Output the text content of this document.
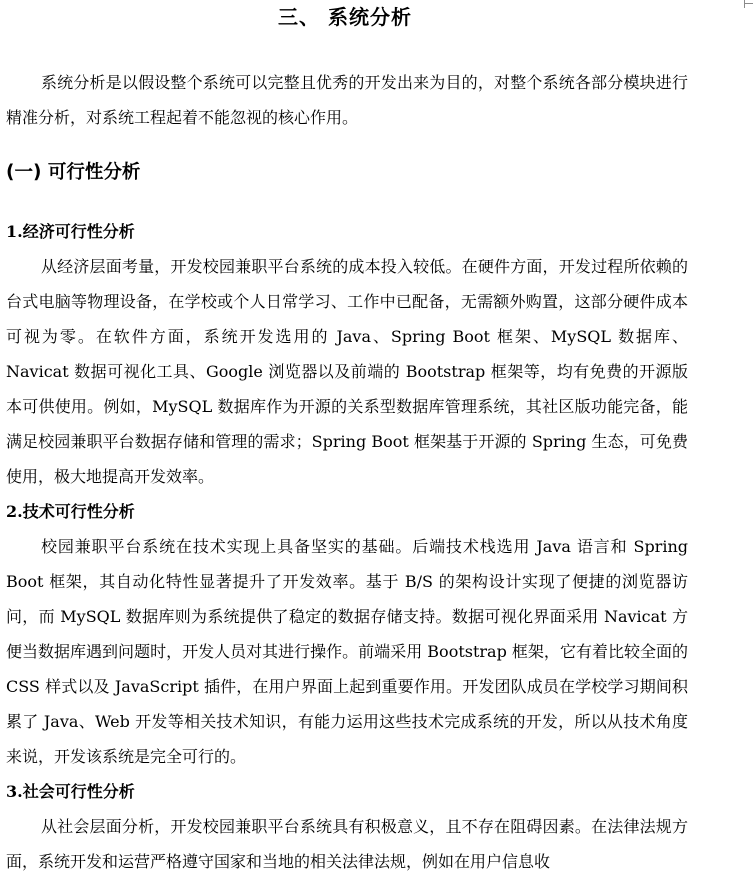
三、 系统分析

系统分析是以假设整个系统可以完整且优秀的开发出来为目的，对整个系统各部分模块进行精准分析，对系统工程起着不能忽视的核心作用。

(一) 可行性分析
1.经济可行性分析

从经济层面考量，开发校园兼职平台系统的成本投入较低。在硬件方面，开发过程所依赖的台式电脑等物理设备，在学校或个人日常学习、工作中已配备，无需额外购置，这部分硬件成本可视为零。在软件方面，系统开发选用的 Java、Spring Boot 框架、MySQL 数据库、Navicat 数据可视化工具、Google 浏览器以及前端的 Bootstrap 框架等，均有免费的开源版本可供使用。例如，MySQL 数据库作为开源的关系型数据库管理系统，其社区版功能完备，能满足校园兼职平台数据存储和管理的需求；Spring Boot 框架基于开源的 Spring 生态，可免费使用，极大地提高开发效率。

2.技术可行性分析

校园兼职平台系统在技术实现上具备坚实的基础。后端技术栈选用 Java 语言和 Spring Boot 框架，其自动化特性显著提升了开发效率。基于 B/S 的架构设计实现了便捷的浏览器访问，而 MySQL 数据库则为系统提供了稳定的数据存储支持。数据可视化界面采用 Navicat 方便当数据库遇到问题时，开发人员对其进行操作。前端采用 Bootstrap 框架，它有着比较全面的 CSS 样式以及 JavaScript 插件，在用户界面上起到重要作用。开发团队成员在学校学习期间积累了 Java、Web 开发等相关技术知识，有能力运用这些技术完成系统的开发，所以从技术角度来说，开发该系统是完全可行的。

3.社会可行性分析

从社会层面分析，开发校园兼职平台系统具有积极意义，且不存在阻碍因素。在法律法规方面，系统开发和运营严格遵守国家和当地的相关法律法规，例如在用户信息收
